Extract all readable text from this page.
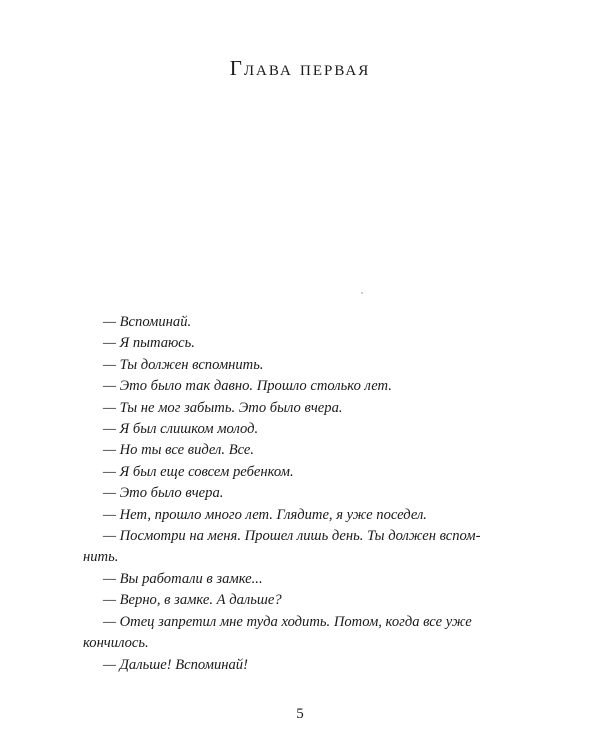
Глава первая
— Вспоминай.
— Я пытаюсь.
— Ты должен вспомнить.
— Это было так давно. Прошло столько лет.
— Ты не мог забыть. Это было вчера.
— Я был слишком молод.
— Но ты все видел. Все.
— Я был еще совсем ребенком.
— Это было вчера.
— Нет, прошло много лет. Глядите, я уже поседел.
— Посмотри на меня. Прошел лишь день. Ты должен вспом-
нить.
— Вы работали в замке...
— Верно, в замке. А дальше?
— Отец запретил мне туда ходить. Потом, когда все уже
кончилось.
— Дальше! Вспоминай!
5
